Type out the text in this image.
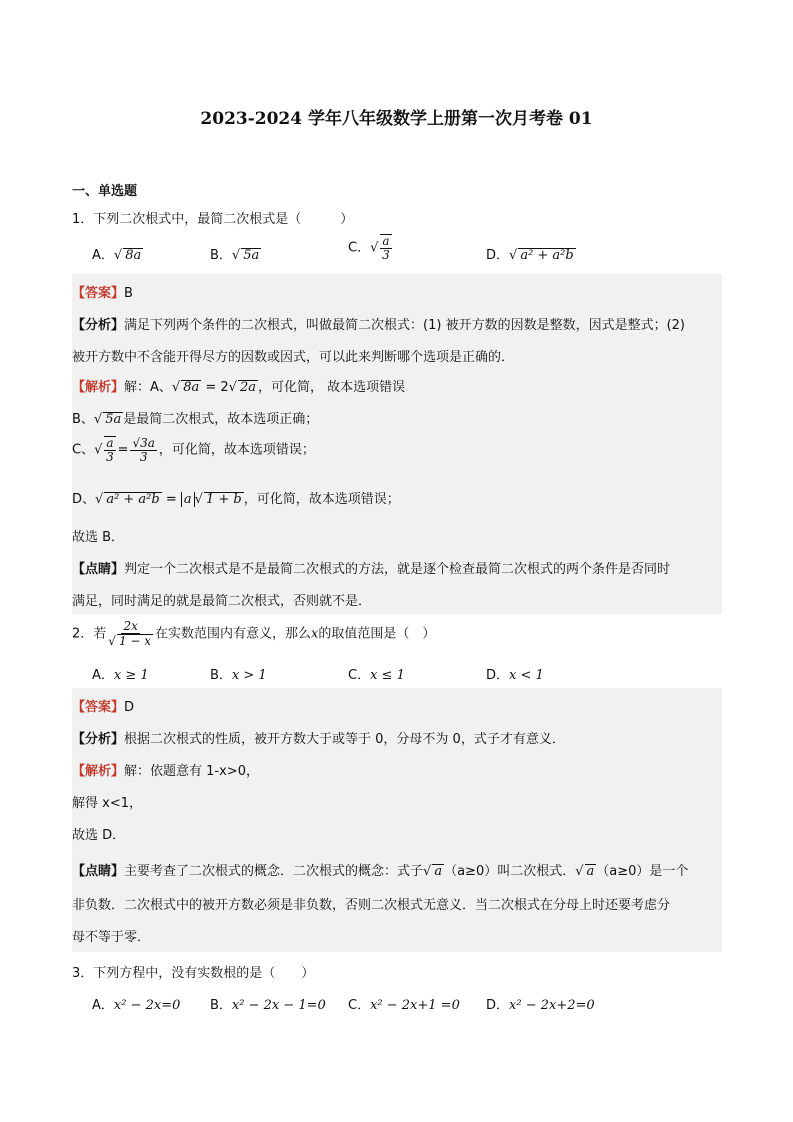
2023-2024 学年八年级数学上册第一次月考卷 01
一、单选题
1．下列二次根式中，最简二次根式是（　　　）
A．√ 8a	B．√ 5a	C．√ $\frac{a}{3}$	D．√ a² + a²b
【答案】B
【分析】满足下列两个条件的二次根式，叫做最简二次根式：(1) 被开方数的因数是整数，因式是整式；(2)
被开方数中不含能开得尽方的因数或因式，可以此来判断哪个选项是正确的．
【解析】解：A、√ 8a = 2√ 2a ，可化简， 故本选项错误
B、√ 5a 是最简二次根式，故本选项正确；
C、√ $\frac{a}{3} = \frac{√3a}{3}$ ，可化简，故本选项错误；
D、√ a² + a²b = a √ 1 + b ，可化简，故本选项错误；
故选 B．
【点睛】判定一个二次根式是不是最简二次根式的方法，就是逐个检查最简二次根式的两个条件是否同时
满足，同时满足的就是最简二次根式，否则就不是．
2．若 $\frac{2x}{√ 1 - x}$ 在实数范围内有意义，那么x的取值范围是（　）
A．x ≥ 1	B．x > 1	C．x ≤ 1	D．x < 1
【答案】D
【分析】根据二次根式的性质，被开方数大于或等于 0，分母不为 0，式子才有意义．
【解析】解：依题意有 1-x>0，
解得 x<1，
故选 D．
【点睛】主要考查了二次根式的概念．二次根式的概念：式子√ a （a≥0）叫二次根式．√ a （a≥0）是一个
非负数．二次根式中的被开方数必须是非负数，否则二次根式无意义．当二次根式在分母上时还要考虑分
母不等于零．
3．下列方程中，没有实数根的是（　　）
A．x² − 2x=0 B．x² − 2x − 1=0 C．x² − 2x+1 =0 D．x² − 2x+2=0
